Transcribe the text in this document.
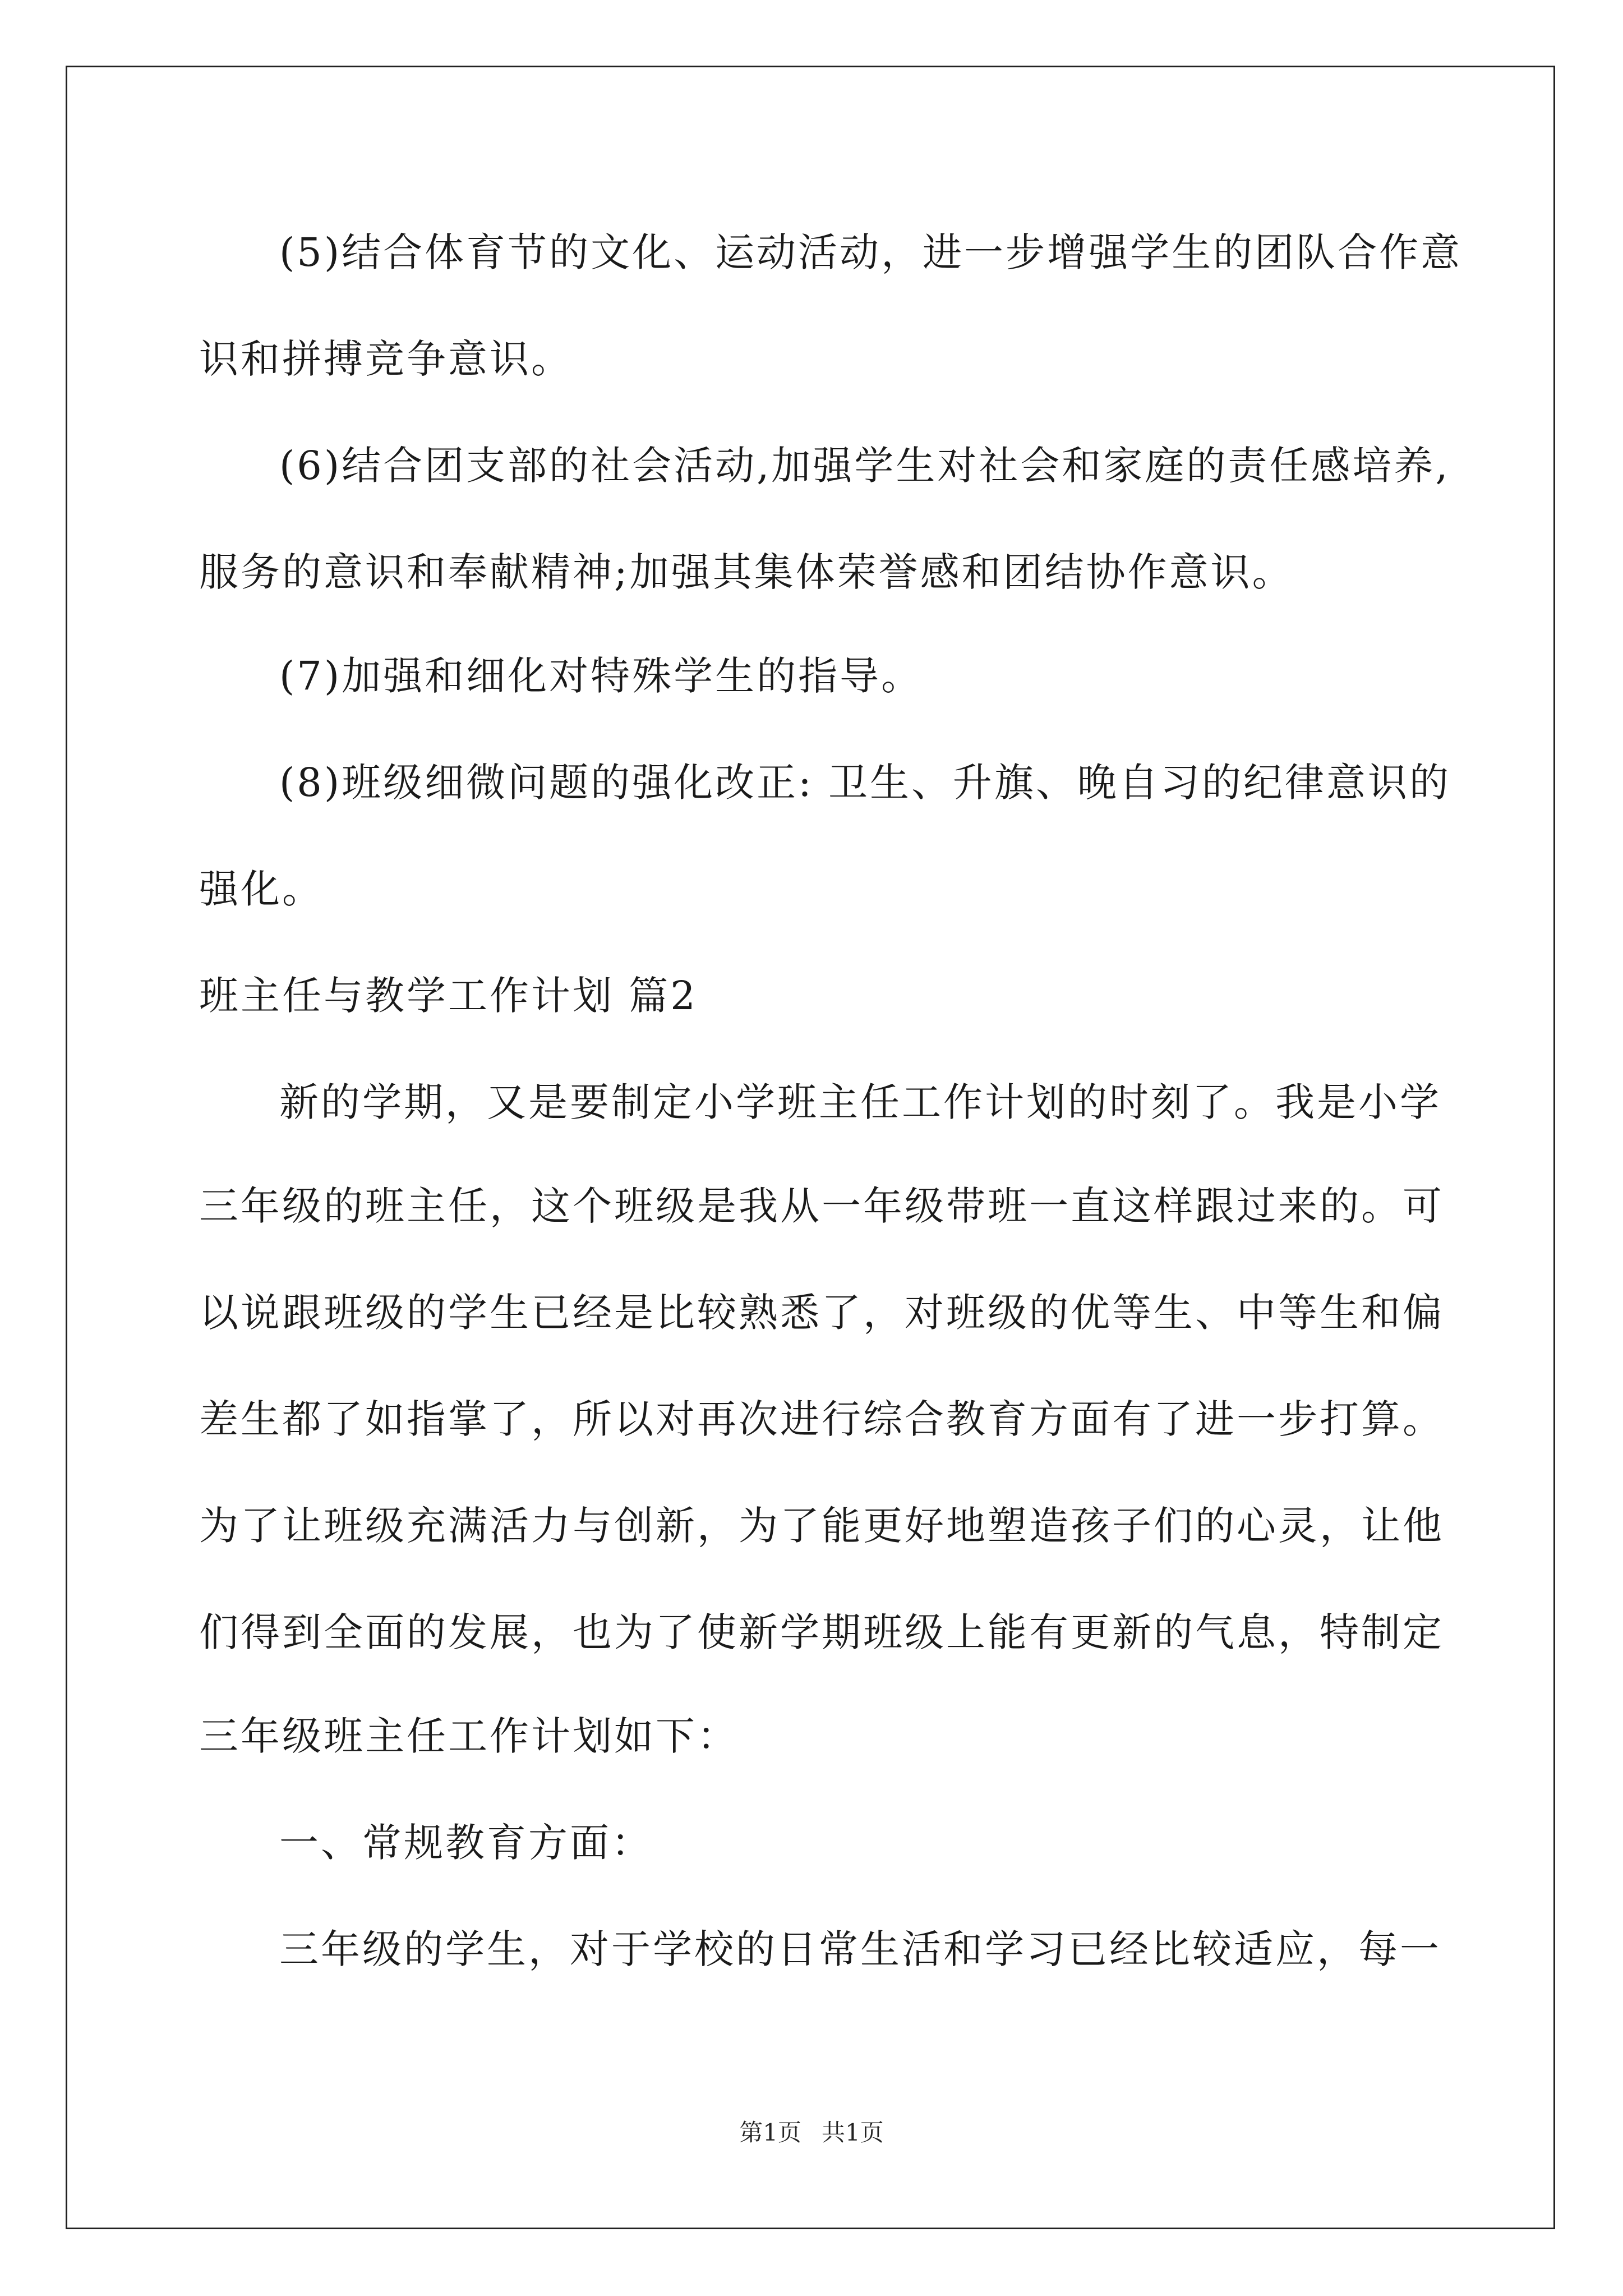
(5)结合体育节的文化、运动活动，进一步增强学生的团队合作意
识和拼搏竞争意识。
(6)结合团支部的社会活动,加强学生对社会和家庭的责任感培养,
服务的意识和奉献精神;加强其集体荣誉感和团结协作意识。
(7)加强和细化对特殊学生的指导。
(8)班级细微问题的强化改正: 卫生、升旗、晚自习的纪律意识的
强化。
班主任与教学工作计划 篇2
新的学期，又是要制定小学班主任工作计划的时刻了。我是小学
三年级的班主任，这个班级是我从一年级带班一直这样跟过来的。可
以说跟班级的学生已经是比较熟悉了，对班级的优等生、中等生和偏
差生都了如指掌了，所以对再次进行综合教育方面有了进一步打算。
为了让班级充满活力与创新，为了能更好地塑造孩子们的心灵，让他
们得到全面的发展，也为了使新学期班级上能有更新的气息，特制定
三年级班主任工作计划如下：
一、常规教育方面：
三年级的学生，对于学校的日常生活和学习已经比较适应，每一
第1页 共1页
